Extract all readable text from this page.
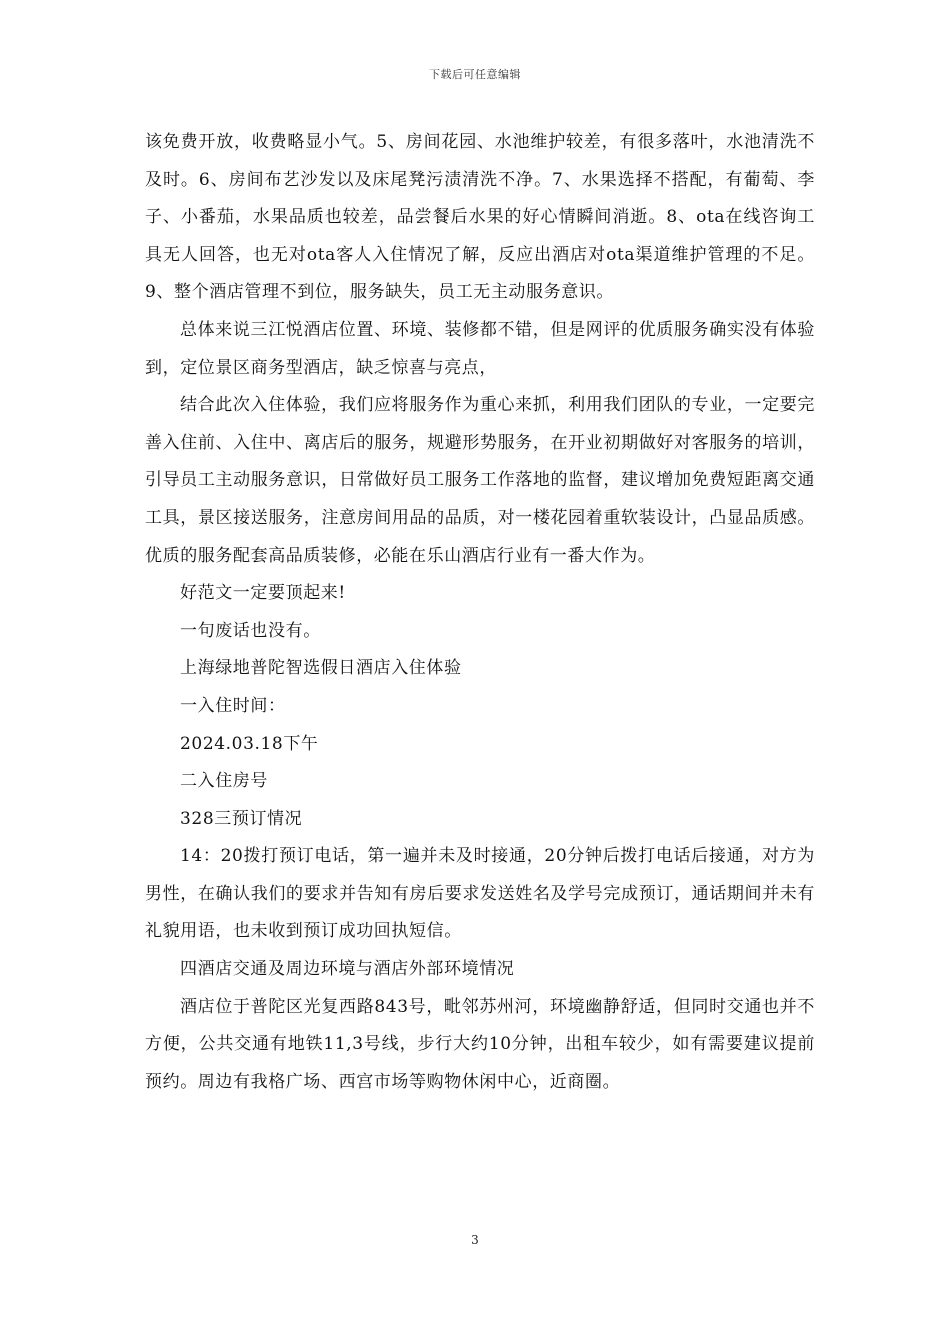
下载后可任意编辑

该免费开放，收费略显小气。5、房间花园、水池维护较差，有很多落叶，水池清洗不及时。6、房间布艺沙发以及床尾凳污渍清洗不净。7、水果选择不搭配，有葡萄、李子、小番茄，水果品质也较差，品尝餐后水果的好心情瞬间消逝。8、ota在线咨询工具无人回答，也无对ota客人入住情况了解，反应出酒店对ota渠道维护管理的不足。9、整个酒店管理不到位，服务缺失，员工无主动服务意识。

总体来说三江悦酒店位置、环境、装修都不错，但是网评的优质服务确实没有体验到，定位景区商务型酒店，缺乏惊喜与亮点，

结合此次入住体验，我们应将服务作为重心来抓，利用我们团队的专业，一定要完善入住前、入住中、离店后的服务，规避形势服务，在开业初期做好对客服务的培训，引导员工主动服务意识，日常做好员工服务工作落地的监督，建议增加免费短距离交通工具，景区接送服务，注意房间用品的品质，对一楼花园着重软装设计，凸显品质感。优质的服务配套高品质装修，必能在乐山酒店行业有一番大作为。

好范文一定要顶起来!

一句废话也没有。

上海绿地普陀智选假日酒店入住体验

一入住时间：

2024.03.18下午

二入住房号

328三预订情况

14：20拨打预订电话，第一遍并未及时接通，20分钟后拨打电话后接通，对方为男性，在确认我们的要求并告知有房后要求发送姓名及学号完成预订，通话期间并未有礼貌用语，也未收到预订成功回执短信。

四酒店交通及周边环境与酒店外部环境情况

酒店位于普陀区光复西路843号，毗邻苏州河，环境幽静舒适，但同时交通也并不方便，公共交通有地铁11,3号线，步行大约10分钟，出租车较少，如有需要建议提前预约。周边有我格广场、西宫市场等购物休闲中心，近商圈。

3
